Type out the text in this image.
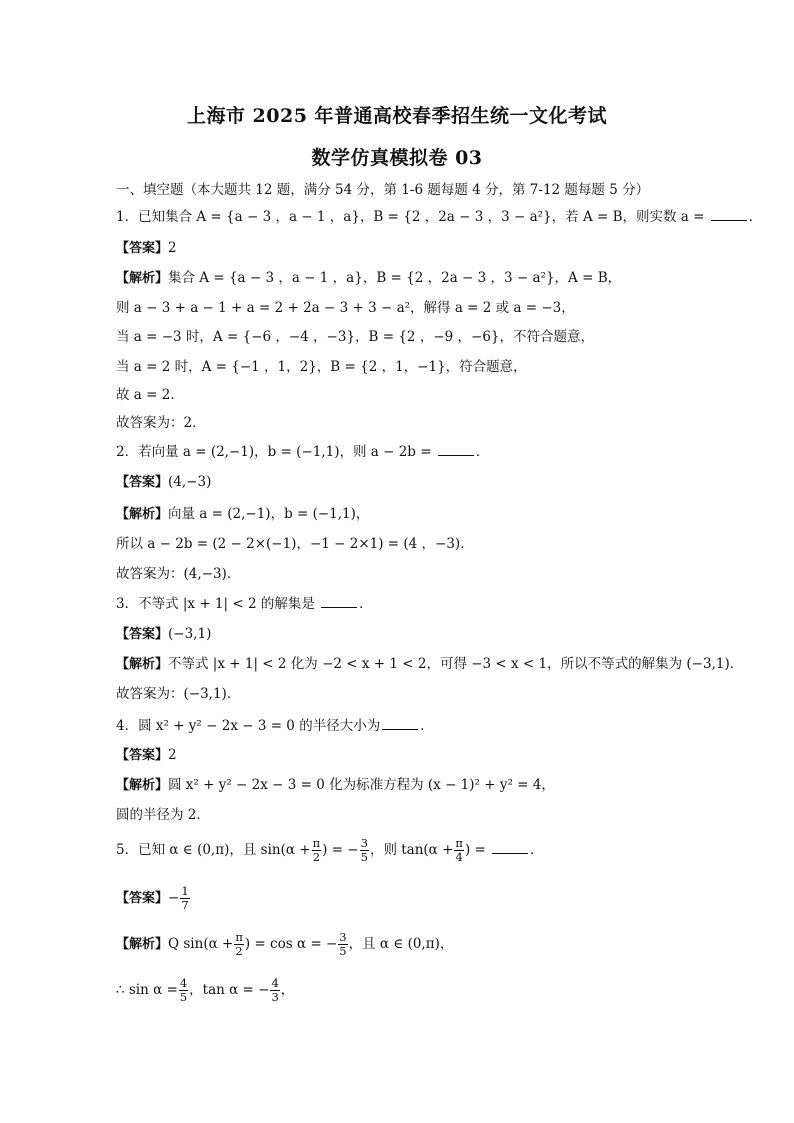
上海市 2025 年普通高校春季招生统一文化考试
数学仿真模拟卷 03
一、填空题（本大题共 12 题，满分 54 分，第 1-6 题每题 4 分，第 7-12 题每题 5 分）
1．已知集合 A = {a − 3 ，a − 1 ，a}，B = {2 ，2a − 3 ，3 − a²}，若 A = B，则实数 a =	．
【答案】2
【解析】集合 A = {a − 3 ，a − 1 ，a}，B = {2 ，2a − 3 ，3 − a²}，A = B，
则 a − 3 + a − 1 + a = 2 + 2a − 3 + 3 − a²，解得 a = 2 或 a = −3，
当 a = −3 时，A = {−6 ，−4 ，−3}，B = {2 ，−9 ，−6}，不符合题意，
当 a = 2 时，A = {−1 ，1，2}，B = {2 ，1，−1}，符合题意，
故 a = 2．
故答案为：2．
2．若向量 a = (2,−1)，b = (−1,1)，则 a − 2b =	．
【答案】(4,−3)
【解析】向量 a = (2,−1)，b = (−1,1)，
所以 a − 2b = (2 − 2×(−1)，−1 − 2×1) = (4 ，−3)．
故答案为：(4,−3)．
3．不等式 |x + 1| < 2 的解集是	．
【答案】(−3,1)
【解析】不等式 |x + 1| < 2 化为 −2 < x + 1 < 2，可得 −3 < x < 1，所以不等式的解集为 (−3,1)．
故答案为：(−3,1)．
4．圆 x² + y² − 2x − 3 = 0 的半径大小为	．
【答案】2
【解析】圆 x² + y² − 2x − 3 = 0 化为标准方程为 (x − 1)² + y² = 4，
圆的半径为 2．
5．已知 α ∈ (0,π)，且 $\sin(\alpha + \frac{\pi}{2}$ ) = − $\frac{3}{5}$ ，则 $\tan(\alpha + \frac{\pi}{4}$ ) =	．
【答案】− $\frac{1}{7}$
【解析】Q $\sin(\alpha + \frac{\pi}{2}$ ) = cos α = − $\frac{3}{5}$ ，且 α ∈ (0,π)，
∴ $\sin \alpha = \frac{4}{5}$ ，tan α = − $\frac{4}{3}$ ，
